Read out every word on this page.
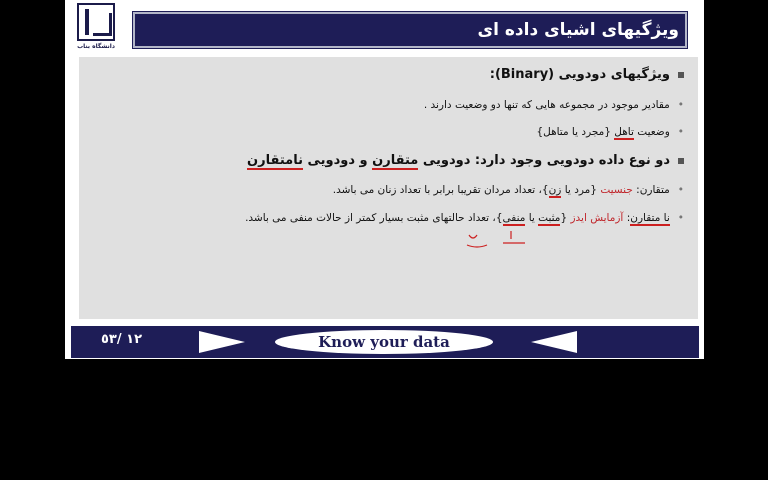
دانشگاه بناب
ویژگیهای اشیای داده ای
ویژگیهای دودویی (Binary):
•مقادیر موجود در مجموعه هایی که تنها دو وضعیت دارند .
•وضعیت تاهل {مجرد یا متاهل}
دو نوع داده دودویی وجود دارد: دودویی متقارن و دودویی نامتقارن
•متقارن: جنسیت {مرد یا زن}، تعداد مردان تقریبا برابر با تعداد زنان می باشد.
•نا متقارن: آزمایش ایدز {مثبت یا منفی}، تعداد حالتهای مثبت بسیار کمتر از حالات منفی می باشد.
١٢ /٥٣	Know your data
